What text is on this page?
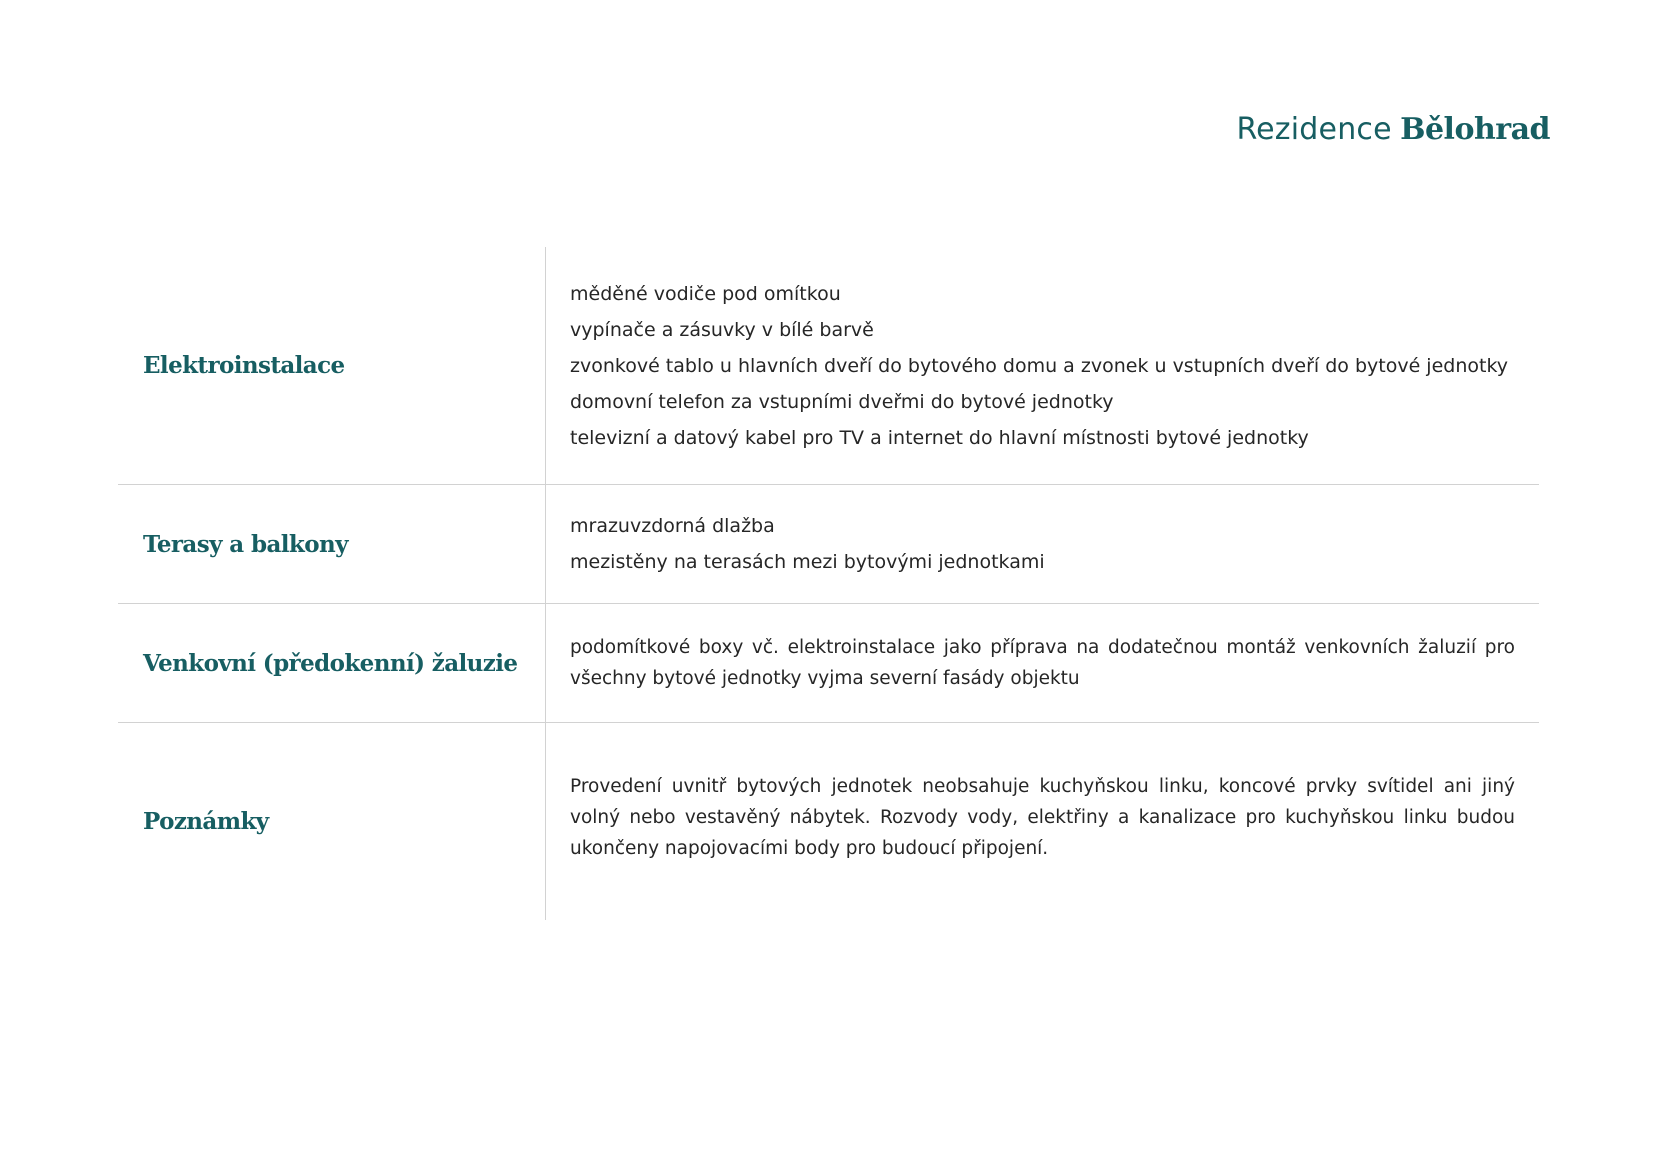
Rezidence Bělohrad
Elektroinstalace
měděné vodiče pod omítkou
vypínače a zásuvky v bílé barvě
zvonkové tablo u hlavních dveří do bytového domu a zvonek u vstupních dveří do bytové jednotky
domovní telefon za vstupními dveřmi do bytové jednotky
televizní a datový kabel pro TV a internet do hlavní místnosti bytové jednotky
Terasy a balkony
mrazuvzdorná dlažba
mezistěny na terasách mezi bytovými jednotkami
Venkovní (předokenní) žaluzie
podomítkové boxy vč. elektroinstalace jako příprava na dodatečnou montáž venkovních žaluzií pro všechny bytové jednotky vyjma severní fasády objektu
Poznámky
Provedení uvnitř bytových jednotek neobsahuje kuchyňskou linku, koncové prvky svítidel ani jiný volný nebo vestavěný nábytek. Rozvody vody, elektřiny a kanalizace pro kuchyňskou linku budou ukončeny napojovacími body pro budoucí připojení.
